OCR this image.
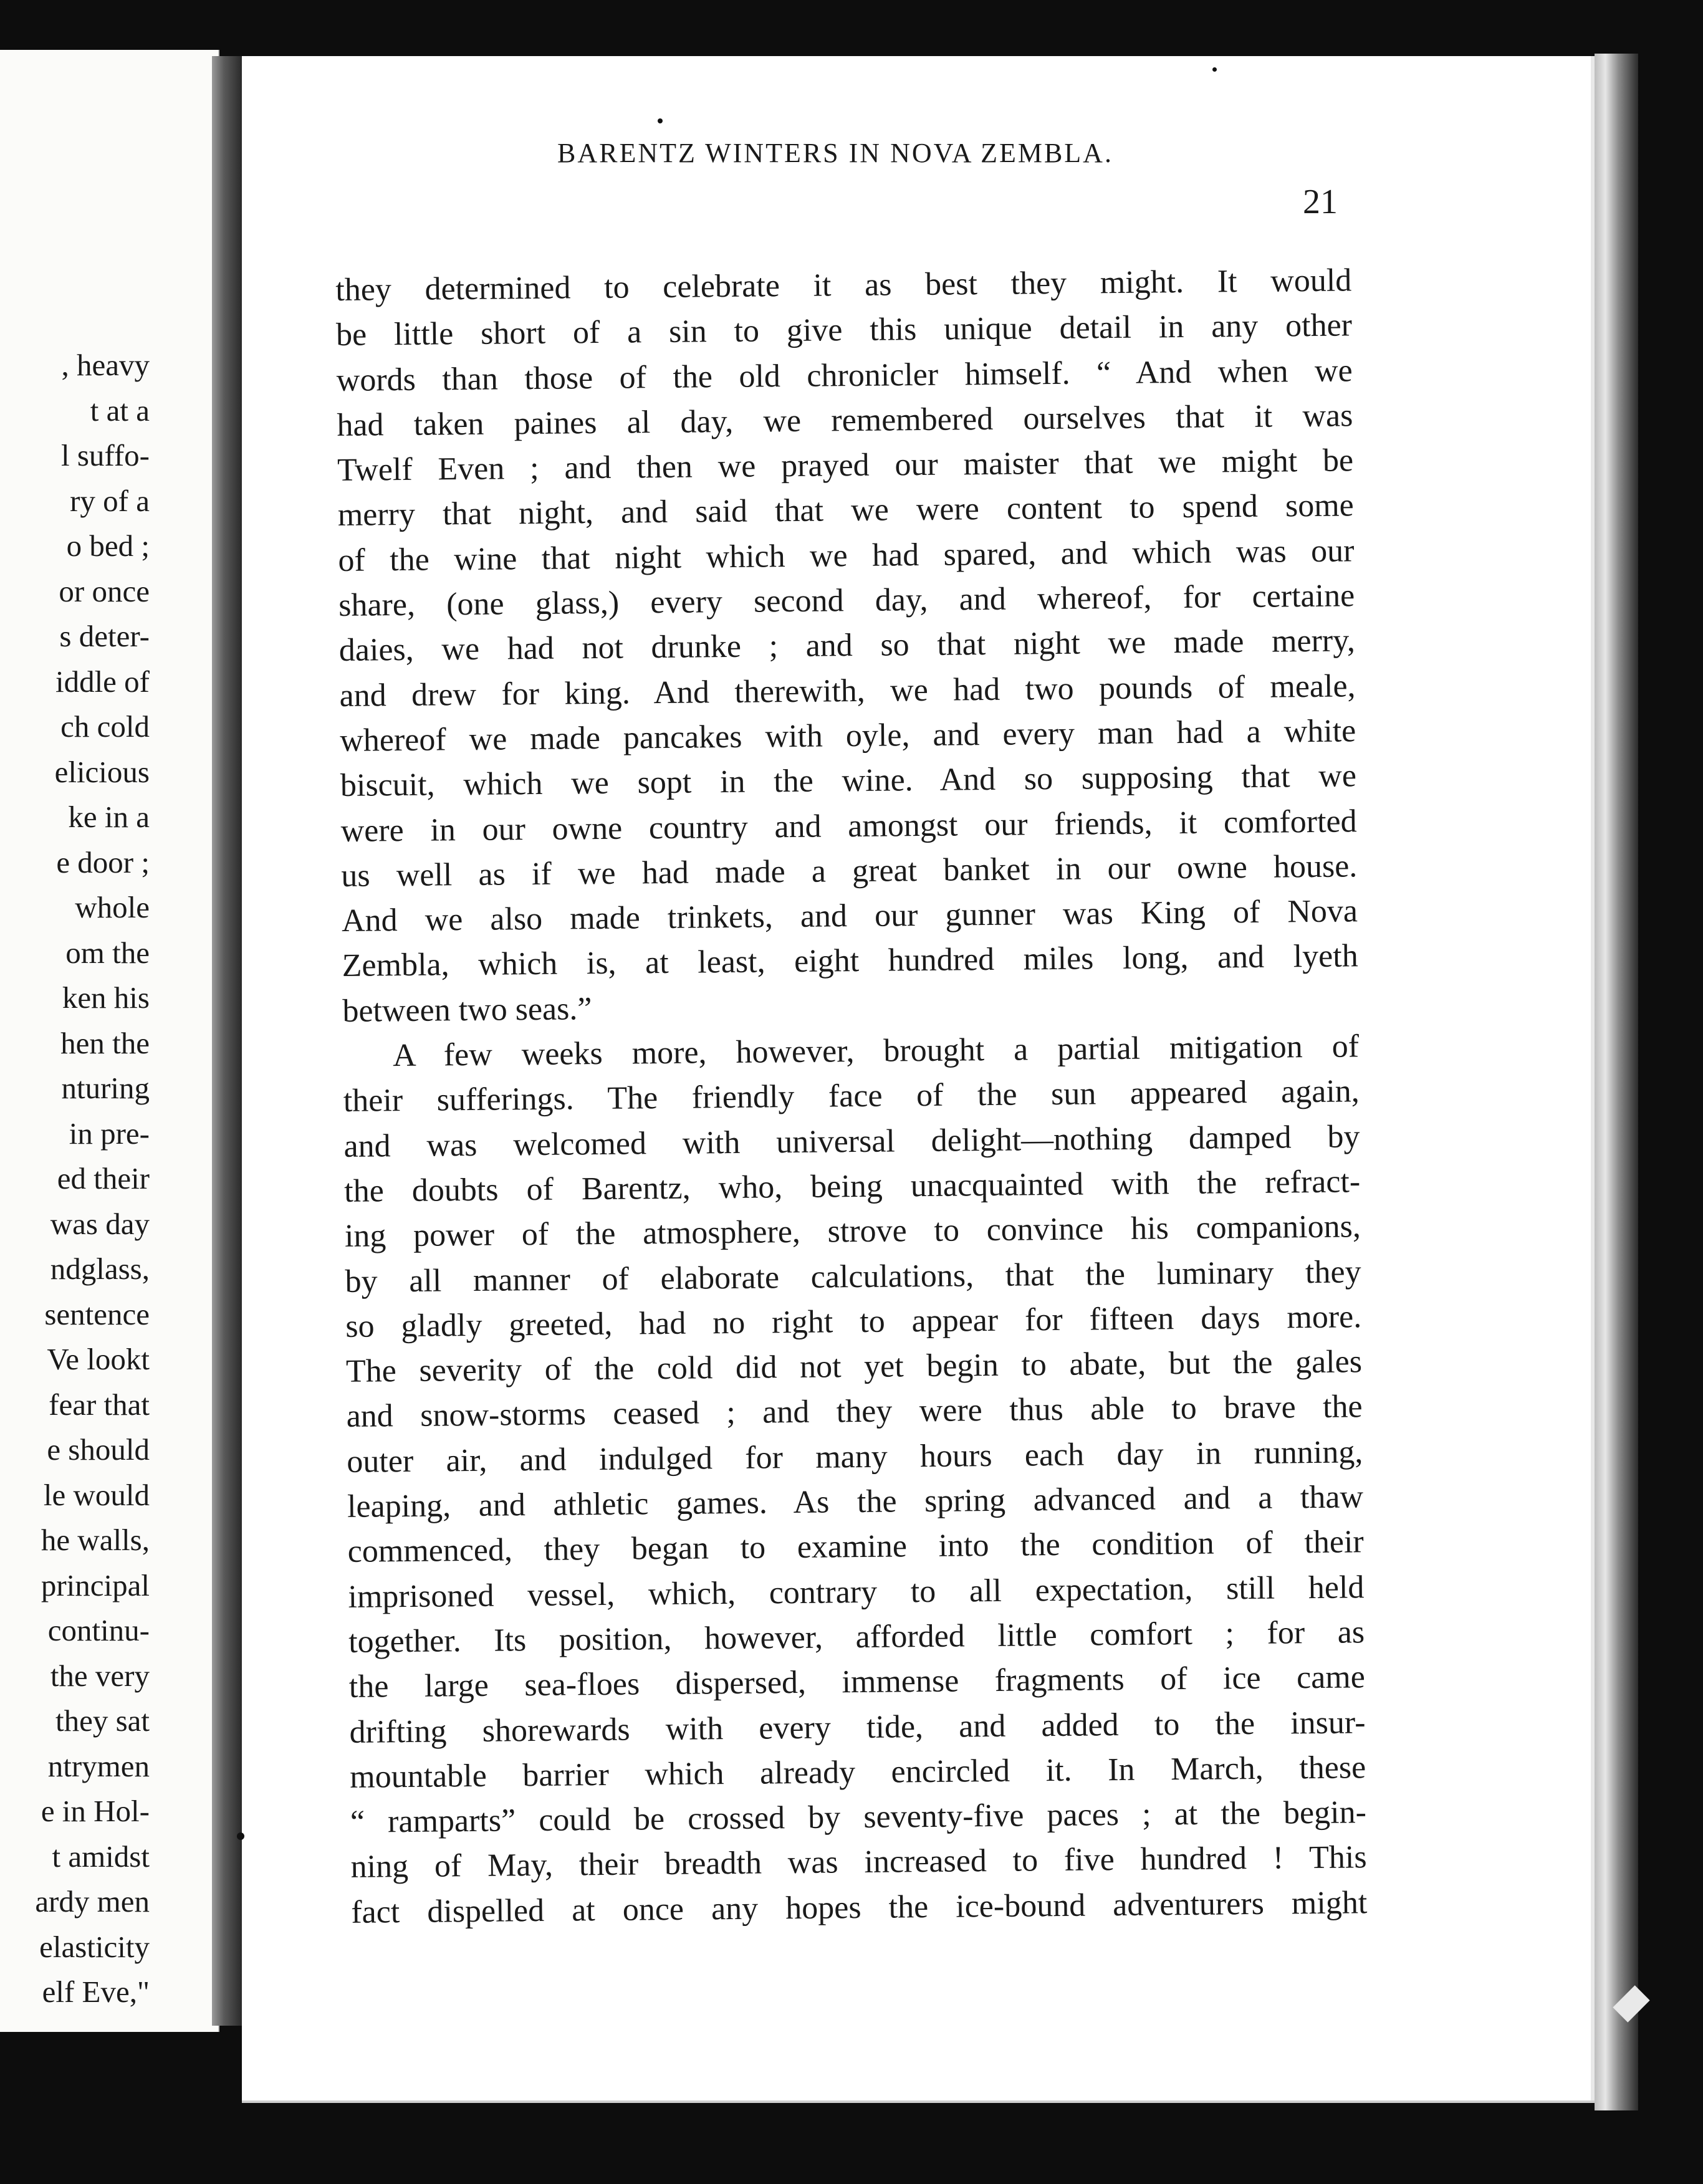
, heavy
t at a
l suffo-
ry of a
o bed ;
or once
s deter-
iddle of
ch cold
elicious
ke in a
e door ;
whole
om the
ken his
hen the
nturing
in pre-
ed their
was day
ndglass,
sentence
Ve lookt
fear that
e should
le would
he walls,
principal
continu-
the very
they sat
ntrymen
e in Hol-
t amidst
ardy men
elasticity
elf Eve,"
BARENTZ WINTERS IN NOVA ZEMBLA.
21
they determined to celebrate it as best they might. It would
be little short of a sin to give this unique detail in any other
words than those of the old chronicler himself. “ And when we
had taken paines al day, we remembered ourselves that it was
Twelf Even ; and then we prayed our maister that we might be
merry that night, and said that we were content to spend some
of the wine that night which we had spared, and which was our
share, (one glass,) every second day, and whereof, for certaine
daies, we had not drunke ; and so that night we made merry,
and drew for king. And therewith, we had two pounds of meale,
whereof we made pancakes with oyle, and every man had a white
biscuit, which we sopt in the wine. And so supposing that we
were in our owne country and amongst our friends, it comforted
us well as if we had made a great banket in our owne house.
And we also made trinkets, and our gunner was King of Nova
Zembla, which is, at least, eight hundred miles long, and lyeth
between two seas.”
A few weeks more, however, brought a partial mitigation of
their sufferings. The friendly face of the sun appeared again,
and was welcomed with universal delight—nothing damped by
the doubts of Barentz, who, being unacquainted with the refract-
ing power of the atmosphere, strove to convince his companions,
by all manner of elaborate calculations, that the luminary they
so gladly greeted, had no right to appear for fifteen days more.
The severity of the cold did not yet begin to abate, but the gales
and snow-storms ceased ; and they were thus able to brave the
outer air, and indulged for many hours each day in running,
leaping, and athletic games. As the spring advanced and a thaw
commenced, they began to examine into the condition of their
imprisoned vessel, which, contrary to all expectation, still held
together. Its position, however, afforded little comfort ; for as
the large sea-floes dispersed, immense fragments of ice came
drifting shorewards with every tide, and added to the insur-
mountable barrier which already encircled it. In March, these
“ ramparts” could be crossed by seventy-five paces ; at the begin-
ning of May, their breadth was increased to five hundred ! This
fact dispelled at once any hopes the ice-bound adventurers might
